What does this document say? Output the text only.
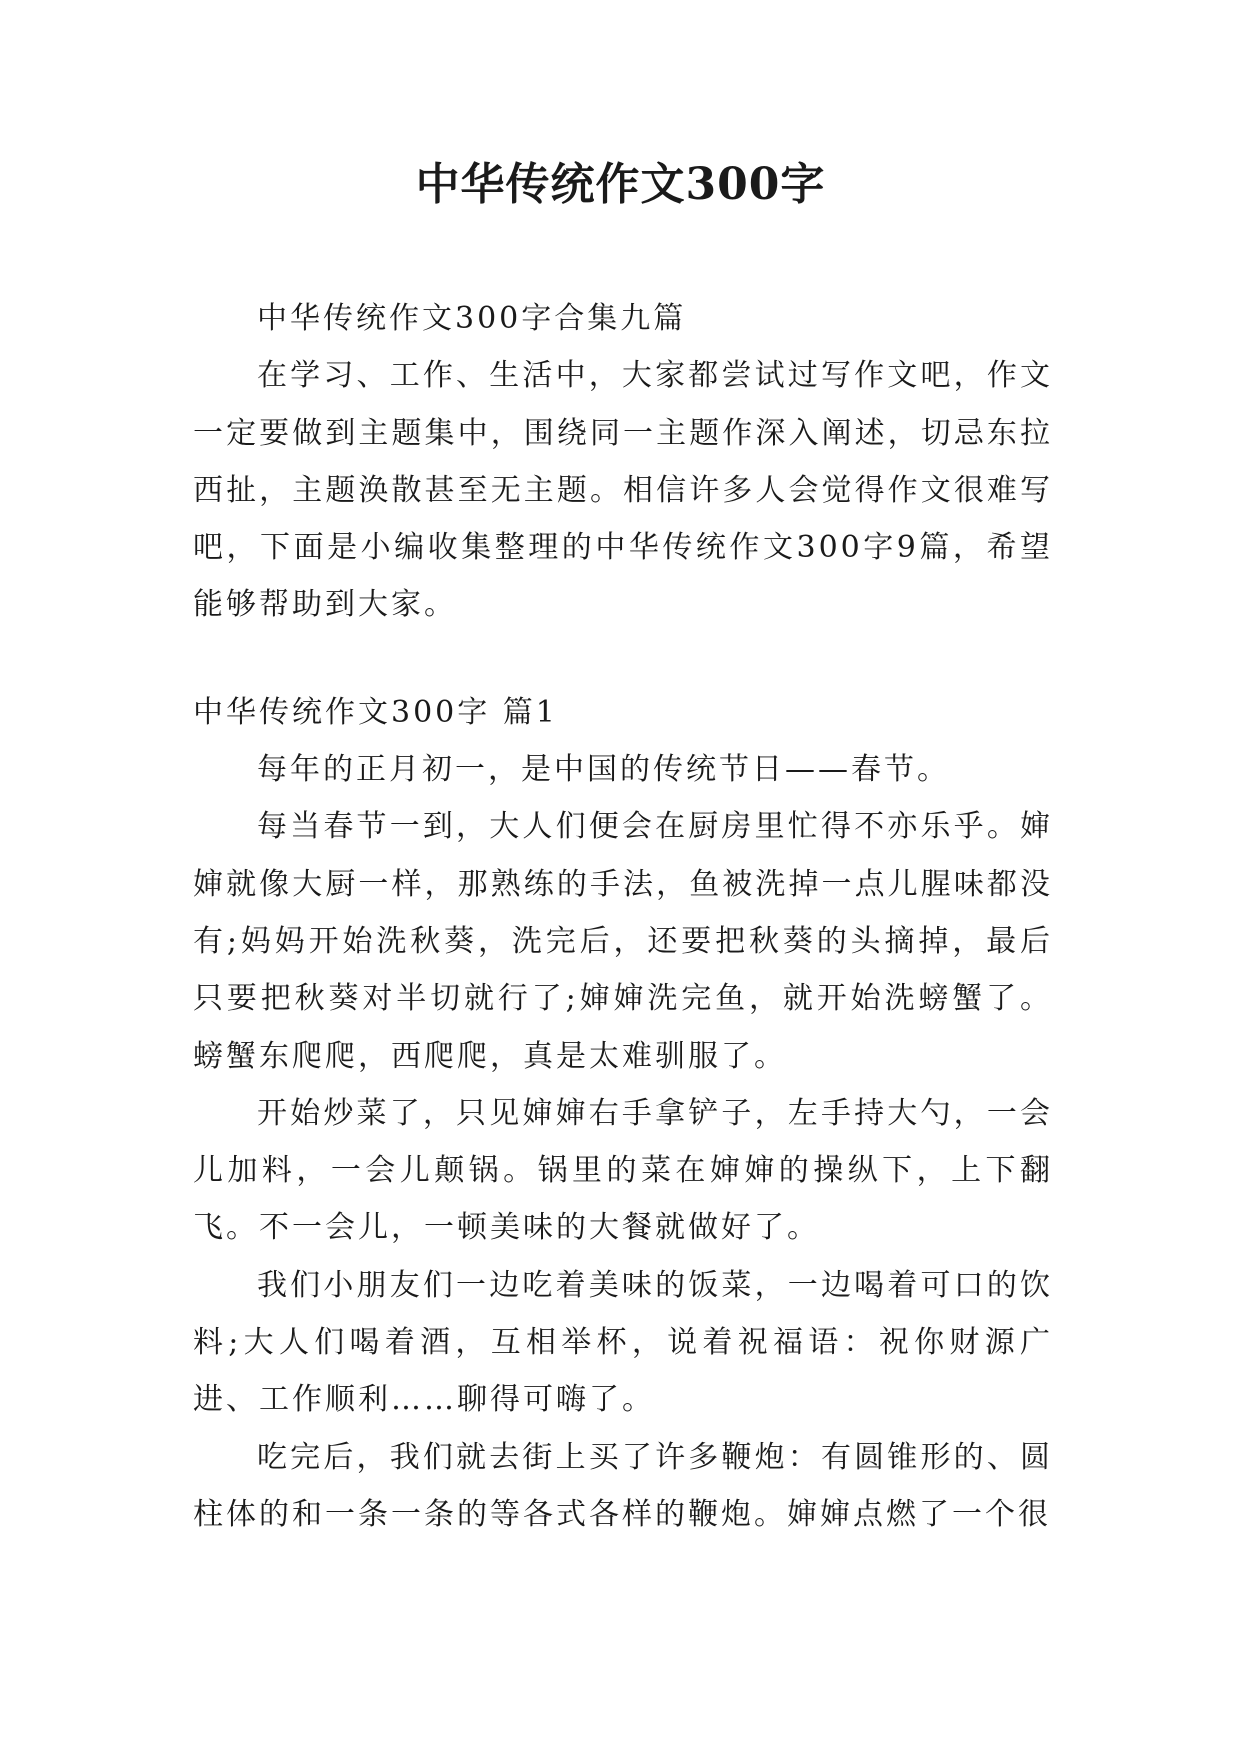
中华传统作文300字

中华传统作文300字合集九篇

在学习、工作、生活中，大家都尝试过写作文吧，作文一定要做到主题集中，围绕同一主题作深入阐述，切忌东拉西扯，主题涣散甚至无主题。相信许多人会觉得作文很难写吧，下面是小编收集整理的中华传统作文300字9篇，希望能够帮助到大家。

中华传统作文300字 篇1

每年的正月初一，是中国的传统节日——春节。

每当春节一到，大人们便会在厨房里忙得不亦乐乎。婶婶就像大厨一样，那熟练的手法，鱼被洗掉一点儿腥味都没有;妈妈开始洗秋葵，洗完后，还要把秋葵的头摘掉，最后只要把秋葵对半切就行了;婶婶洗完鱼，就开始洗螃蟹了。螃蟹东爬爬，西爬爬，真是太难驯服了。

开始炒菜了，只见婶婶右手拿铲子，左手持大勺，一会儿加料，一会儿颠锅。锅里的菜在婶婶的操纵下，上下翻飞。不一会儿，一顿美味的大餐就做好了。

我们小朋友们一边吃着美味的饭菜，一边喝着可口的饮料;大人们喝着酒，互相举杯，说着祝福语：祝你财源广进、工作顺利……聊得可嗨了。

吃完后，我们就去街上买了许多鞭炮：有圆锥形的、圆柱体的和一条一条的等各式各样的鞭炮。婶婶点燃了一个很
